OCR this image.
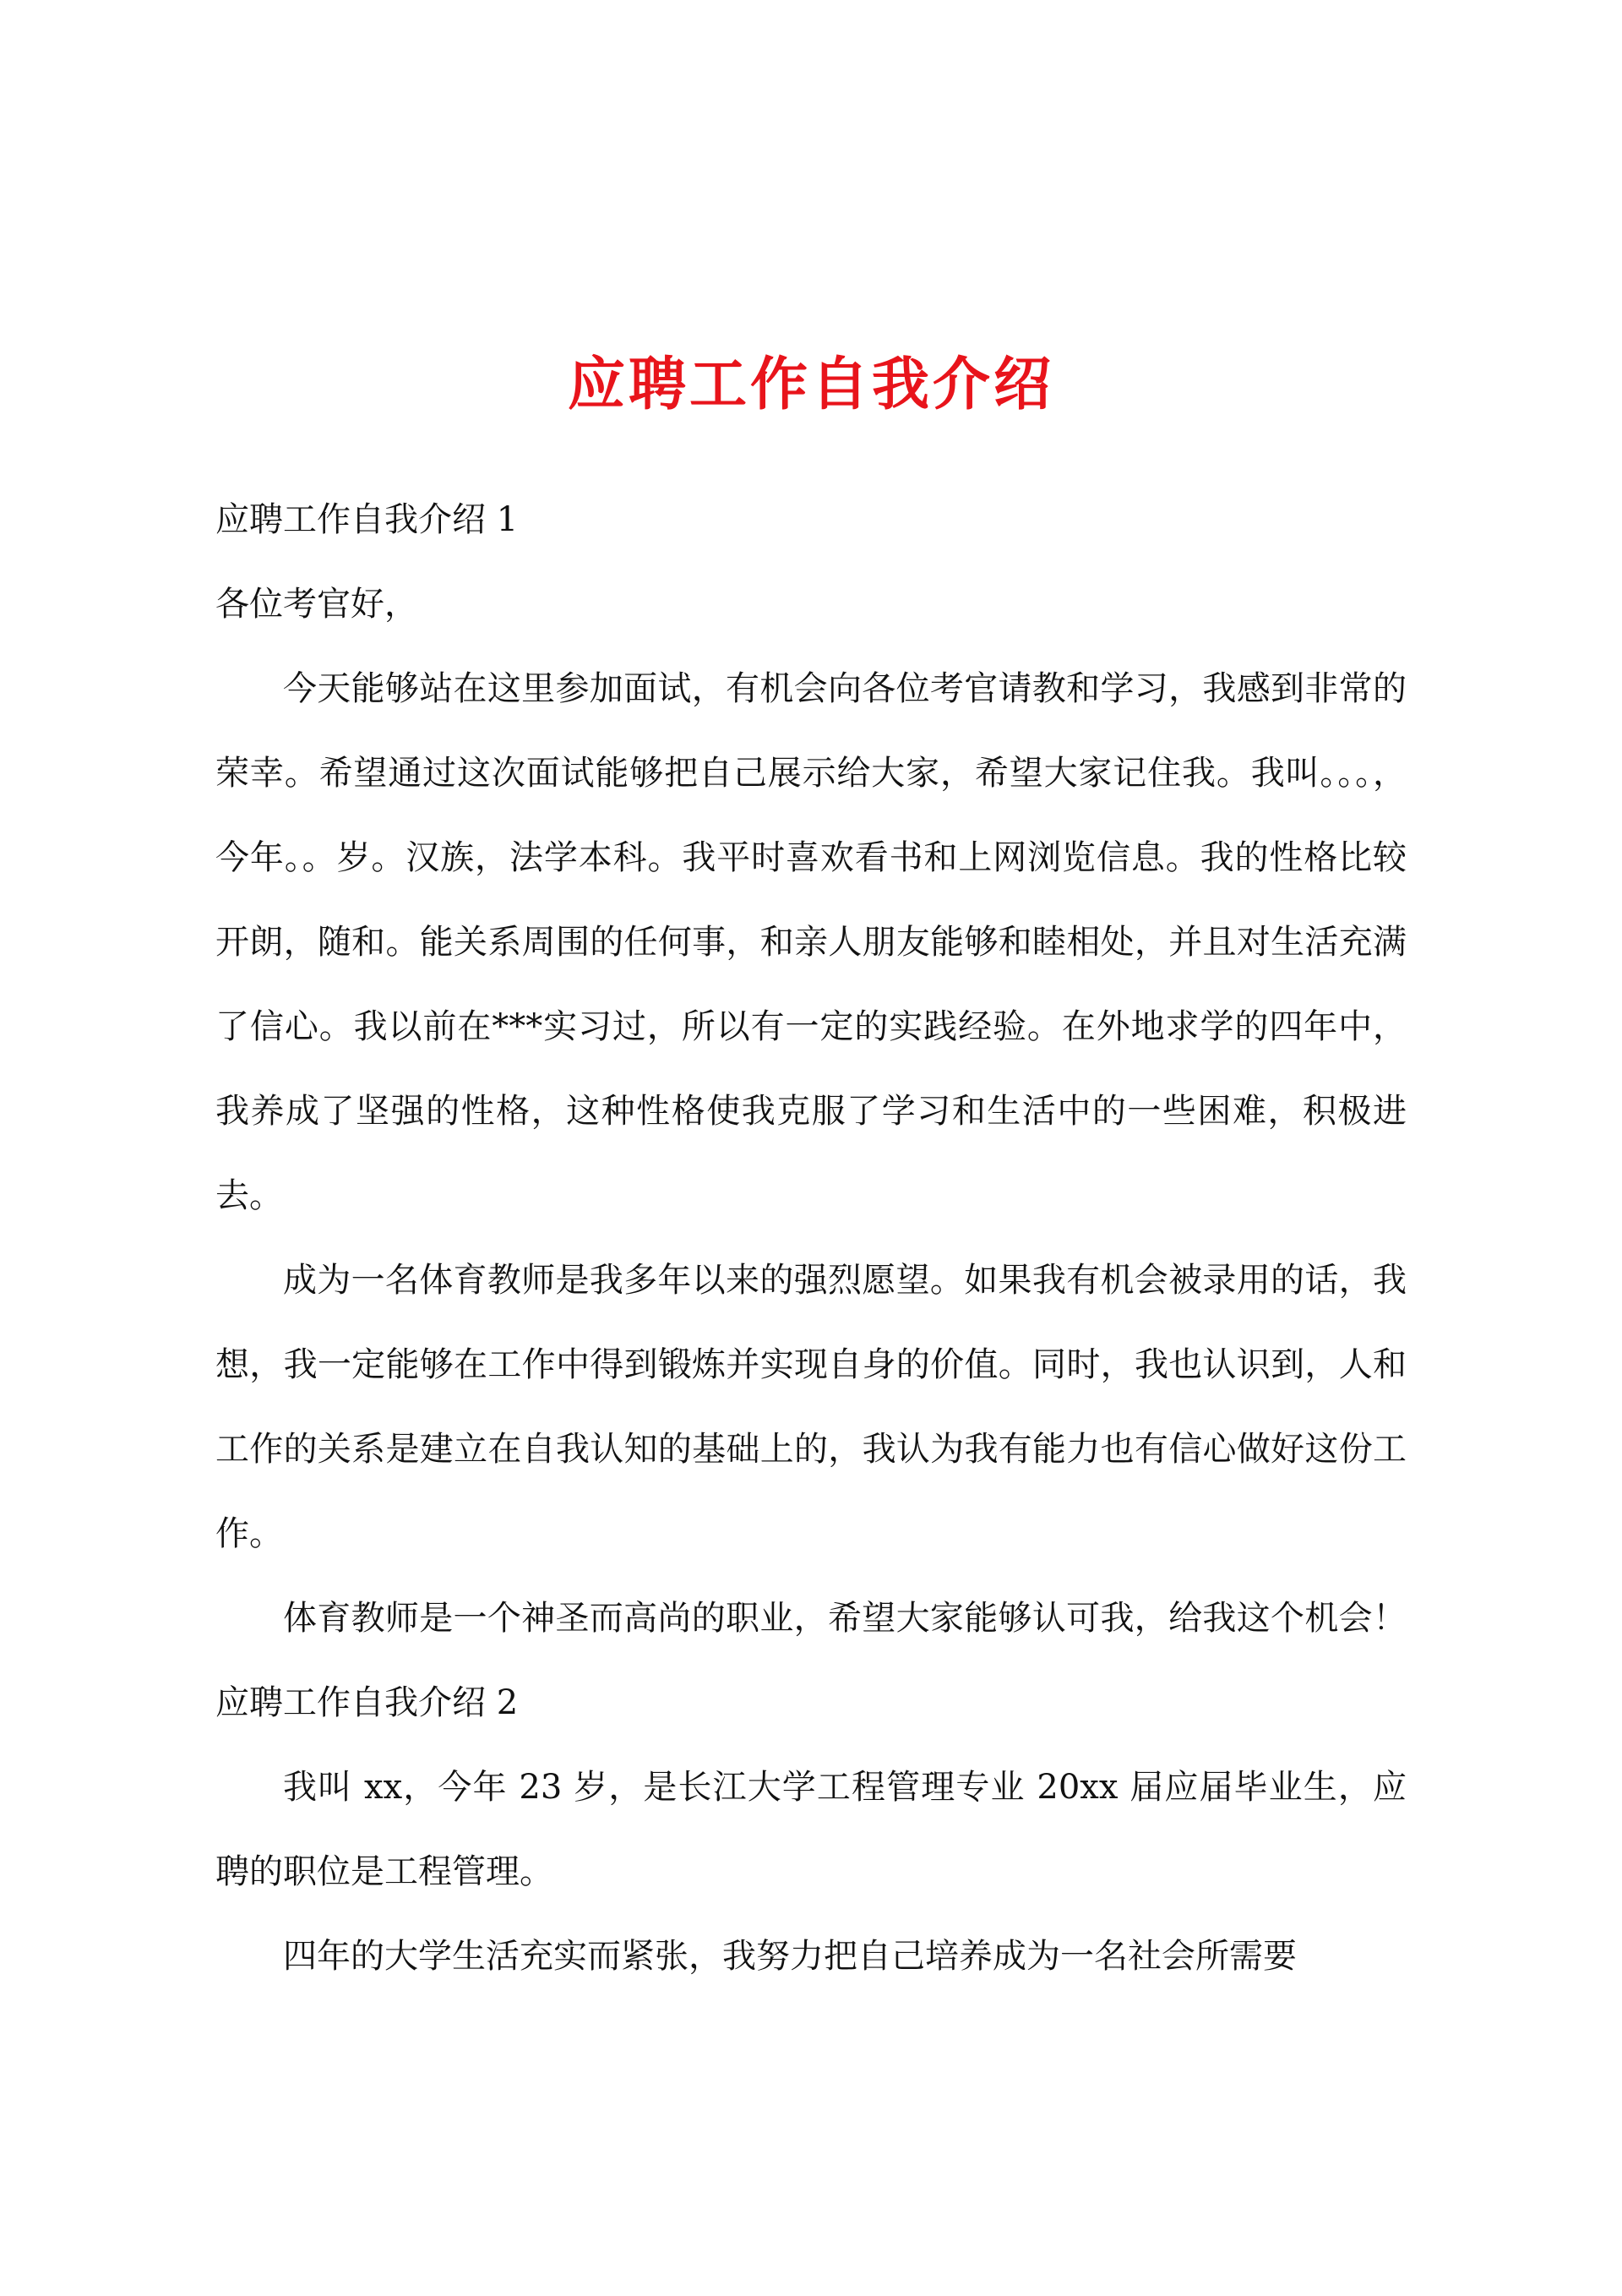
应聘工作自我介绍

应聘工作自我介绍 1

各位考官好，

今天能够站在这里参加面试，有机会向各位考官请教和学习，我感到非常的荣幸。希望通过这次面试能够把自己展示给大家，希望大家记住我。我叫。。。，今年。。岁。汉族，法学本科。我平时喜欢看书和上网浏览信息。我的性格比较开朗，随和。能关系周围的任何事，和亲人朋友能够和睦相处，并且对生活充满了信心。我以前在***实习过，所以有一定的实践经验。在外地求学的四年中，我养成了坚强的性格，这种性格使我克服了学习和生活中的一些困难，积极进去。

成为一名体育教师是我多年以来的强烈愿望。如果我有机会被录用的话，我想，我一定能够在工作中得到锻炼并实现自身的价值。同时，我也认识到，人和工作的关系是建立在自我认知的基础上的，我认为我有能力也有信心做好这份工作。

体育教师是一个神圣而高尚的职业，希望大家能够认可我，给我这个机会！应聘工作自我介绍 2

我叫 xx，今年 23 岁，是长江大学工程管理专业 20xx 届应届毕业生，应聘的职位是工程管理。

四年的大学生活充实而紧张，我努力把自己培养成为一名社会所需要
